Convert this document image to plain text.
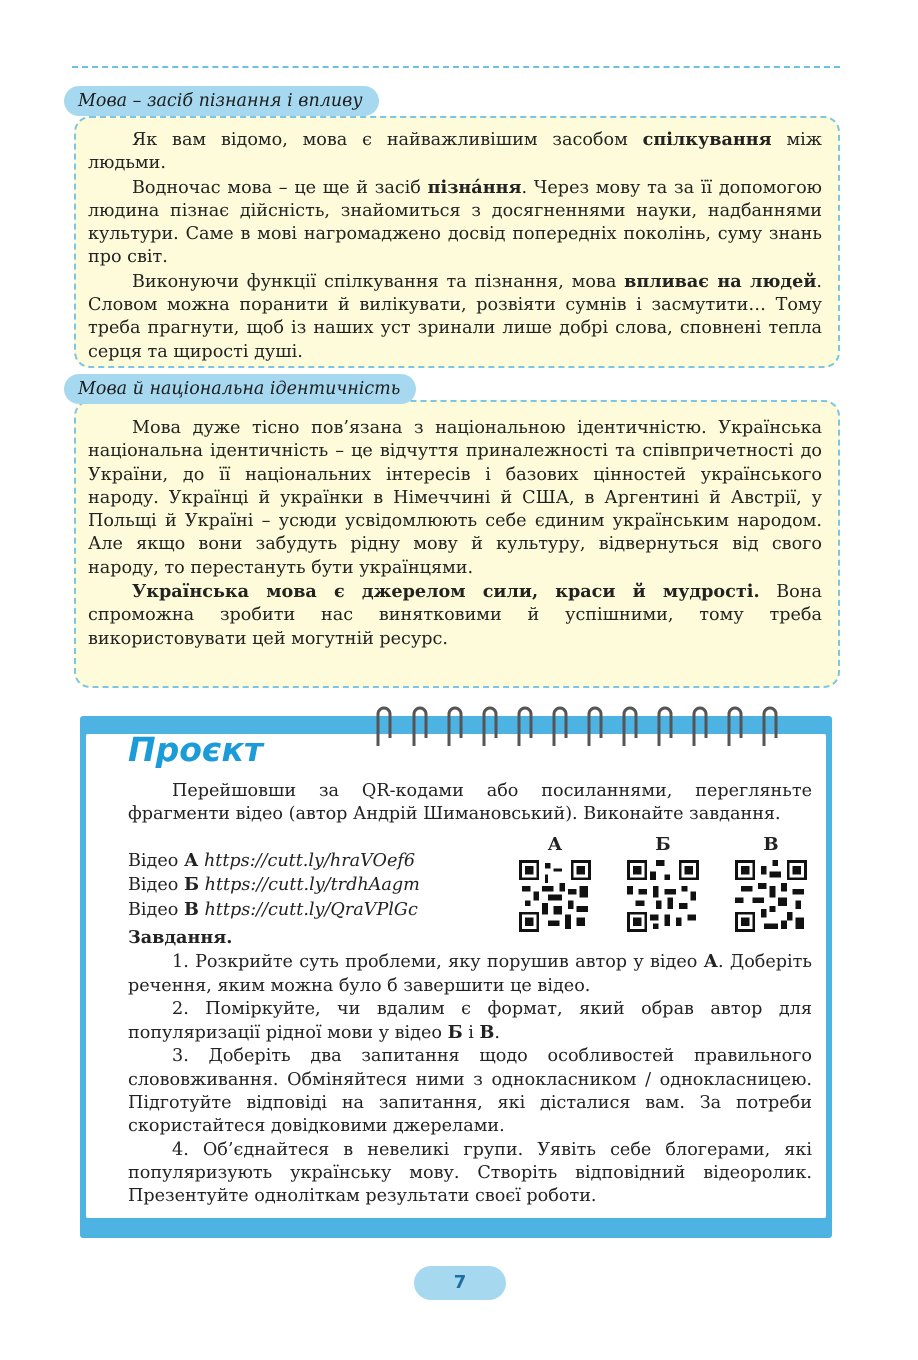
Мова – засіб пізнання і впливу

Як вам відомо, мова є найважливішим засобом спілкування між людьми.

Водночас мова – це ще й засіб пізна́ння. Через мову та за її допомогою людина пізнає дійсність, знайомиться з досягненнями науки, надбаннями культури. Саме в мові нагромаджено досвід попередніх поколінь, суму знань про світ.

Виконуючи функції спілкування та пізнання, мова впливає на людей. Словом можна поранити й вилікувати, розвіяти сумнів і засмутити… Тому треба прагнути, щоб із наших уст зринали лише добрі слова, сповнені тепла серця та щирості душі.

Мова й національна ідентичність

Мова дуже тісно пов’язана з національною ідентичністю. Українська національна ідентичність – це відчуття приналежності та співпричетності до України, до її національних інтересів і базових цінностей українського народу. Українці й українки в Німеччині й США, в Аргентині й Австрії, у Польщі й Україні – усюди усвідомлюють себе єдиним українським народом. Але якщо вони забудуть рідну мову й культуру, відвернуться від свого народу, то перестануть бути українцями.

Українська мова є джерелом сили, краси й мудрості. Вона спроможна зробити нас винятковими й успішними, тому треба використовувати цей могутній ресурс.

Проєкт

Перейшовши за QR-кодами або посиланнями, перегляньте фрагменти відео (автор Андрій Шимановський). Виконайте завдання.

Відео А https://cutt.ly/hraVOef6
Відео Б https://cutt.ly/trdhAagm
Відео В https://cutt.ly/QraVPlGc
А	Б	В
Завдання.

1. Розкрийте суть проблеми, яку порушив автор у відео А. Доберіть речення, яким можна було б завершити це відео.

2. Поміркуйте, чи вдалим є формат, який обрав автор для популяризації рідної мови у відео Б і В.

3. Доберіть два запитання щодо особливостей правильного слововживання. Обміняйтеся ними з однокласником / однокласницею. Підготуйте відповіді на запитання, які дісталися вам. За потреби скористайтеся довідковими джерелами.

4. Об’єднайтеся в невеликі групи. Уявіть себе блогерами, які популяризують українську мову. Створіть відповідний відеоролик. Презентуйте однoліткам результати своєї роботи.

7
